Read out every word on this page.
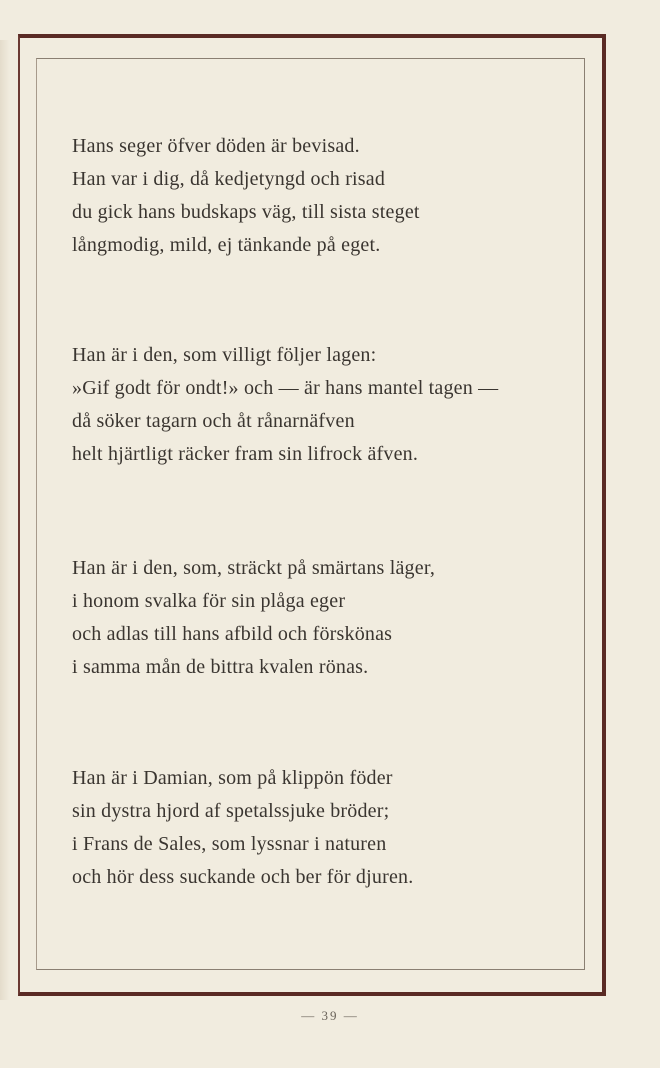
Hans seger öfver döden är bevisad.
Han var i dig, då kedjetyngd och risad
du gick hans budskaps väg, till sista steget
långmodig, mild, ej tänkande på eget.
Han är i den, som villigt följer lagen:
»Gif godt för ondt!» och — är hans mantel tagen —
då söker tagarn och åt rånarnäfven
helt hjärtligt räcker fram sin lifrock äfven.
Han är i den, som, sträckt på smärtans läger,
i honom svalka för sin plåga eger
och adlas till hans afbild och förskönas
i samma mån de bittra kvalen rönas.
Han är i Damian, som på klippön föder
sin dystra hjord af spetalssjuke bröder;
i Frans de Sales, som lyssnar i naturen
och hör dess suckande och ber för djuren.
— 39 —
